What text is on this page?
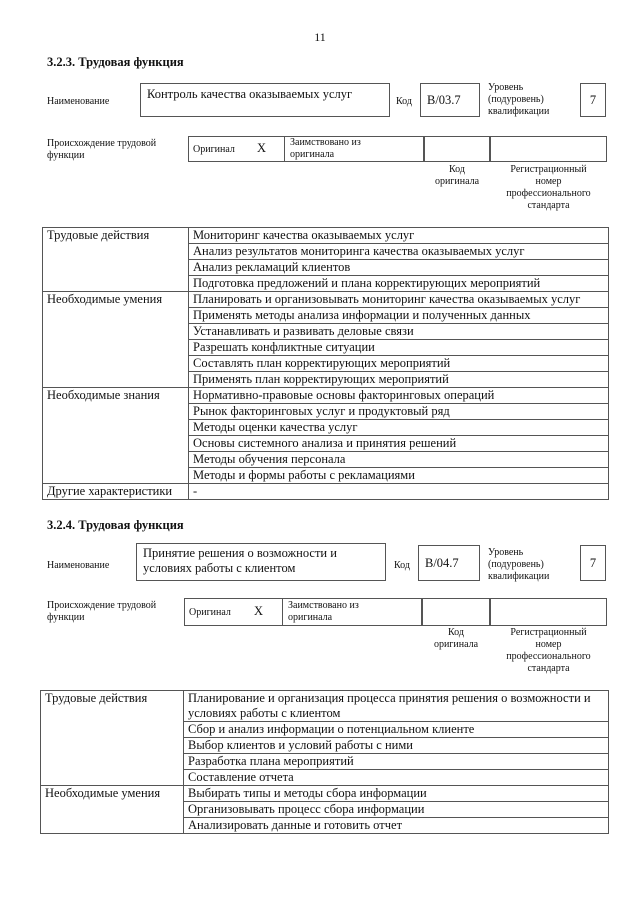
11
3.2.3. Трудовая функция
Наименование
Контроль качества оказываемых услуг
Код	B/03.7
Уровень
(подуровень)
квалификации
7
Происхождение трудовой
функции
Оригинал X Заимствовано из
оригинала
Код
оригинала
Регистрационный
номер
профессионального
стандарта
Трудовые действия	Мониторинг качества оказываемых услуг
	Анализ результатов мониторинга качества оказываемых услуг
	Анализ рекламаций клиентов
	Подготовка предложений и плана корректирующих мероприятий
Необходимые умения	Планировать и организовывать мониторинг качества оказываемых услуг
	Применять методы анализа информации и полученных данных
	Устанавливать и развивать деловые связи
	Разрешать конфликтные ситуации
	Составлять план корректирующих мероприятий
	Применять план корректирующих мероприятий
Необходимые знания	Нормативно-правовые основы факторинговых операций
	Рынок факторинговых услуг и продуктовый ряд
	Методы оценки качества услуг
	Основы системного анализа и принятия решений
	Методы обучения персонала
	Методы и формы работы с рекламациями
Другие характеристики	-
3.2.4. Трудовая функция
Наименование
Принятие решения о возможности и условиях работы с клиентом	Код	B/04.7
Уровень
(подуровень)
квалификации
7
Происхождение трудовой
функции	Оригинал X Заимствовано из
оригинала
Код
оригинала
Регистрационный
номер
профессионального
стандарта
Трудовые действия	Планирование и организация процесса принятия решения о возможности и условиях работы с клиентом
	Сбор и анализ информации о потенциальном клиенте
	Выбор клиентов и условий работы с ними
	Разработка плана мероприятий
	Составление отчета
Необходимые умения	Выбирать типы и методы сбора информации
	Организовывать процесс сбора информации
	Анализировать данные и готовить отчет
